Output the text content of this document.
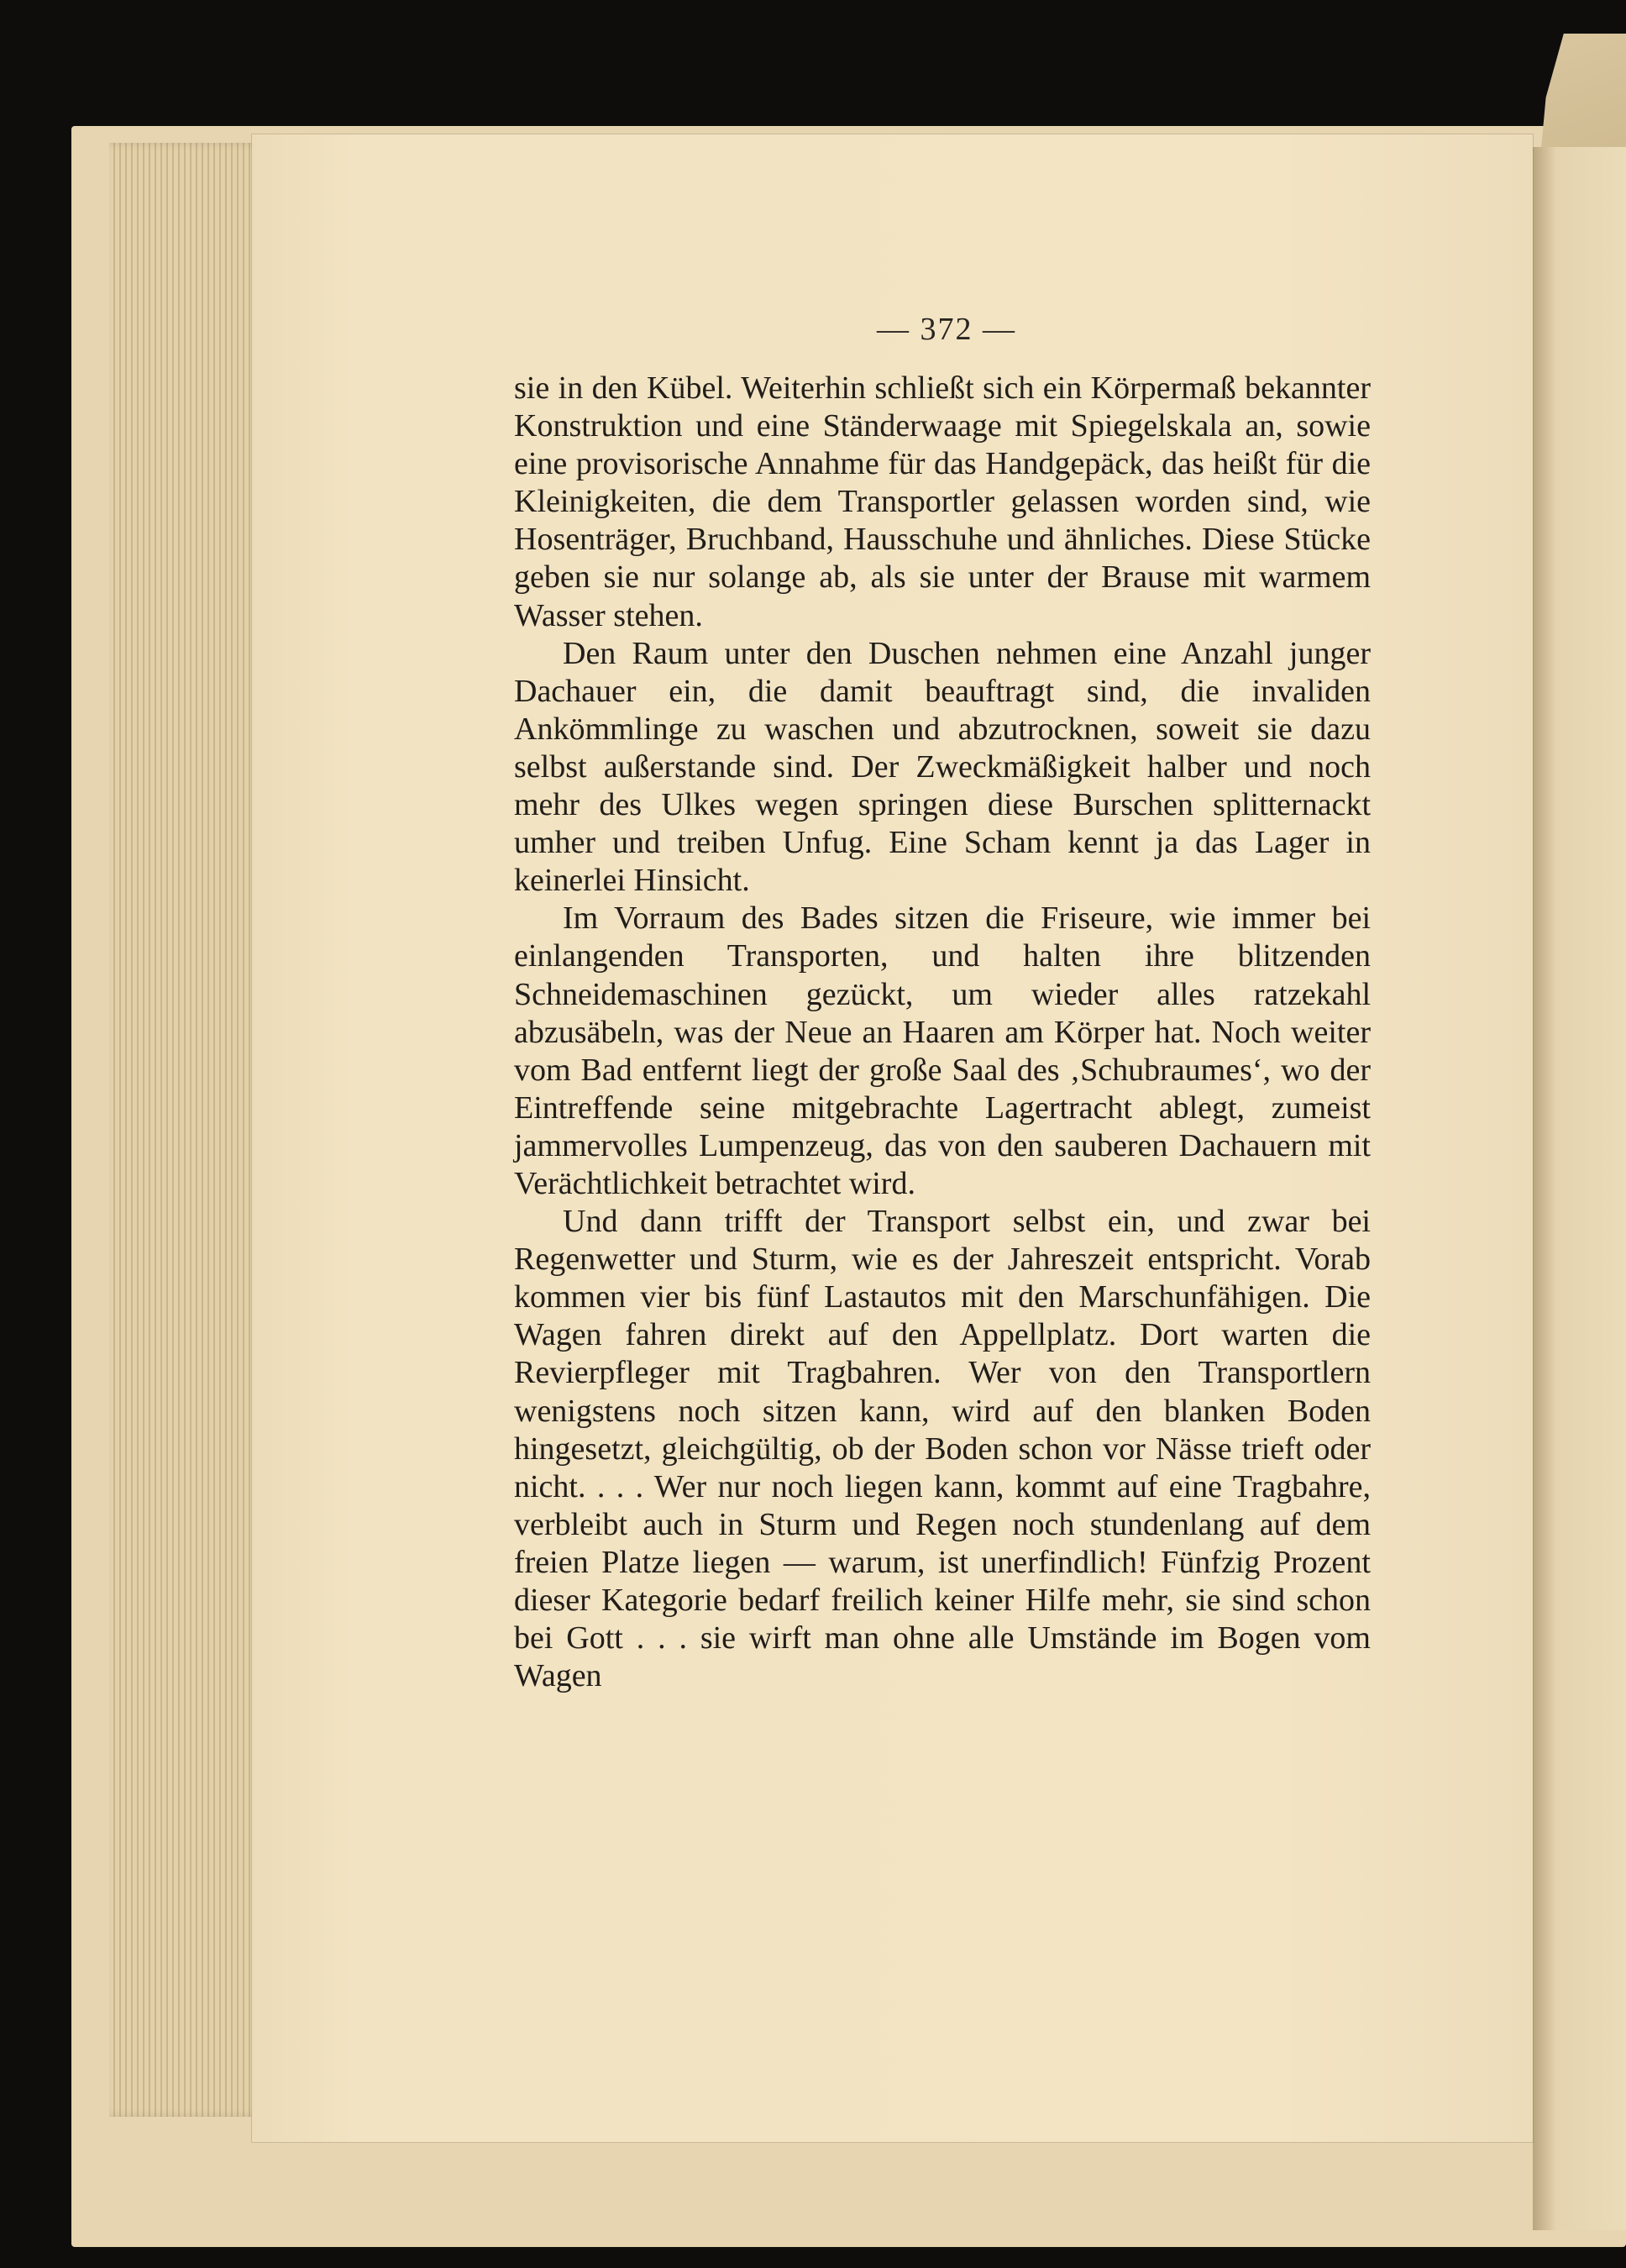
— 372 —

sie in den Kübel. Weiterhin schließt sich ein Körpermaß bekannter Konstruktion und eine Ständerwaage mit Spiegelskala an, sowie eine provisorische Annahme für das Handgepäck, das heißt für die Kleinigkeiten, die dem Transportler gelassen worden sind, wie Hosenträger, Bruchband, Hausschuhe und ähnliches. Diese Stücke geben sie nur solange ab, als sie unter der Brause mit warmem Wasser stehen.

Den Raum unter den Duschen nehmen eine Anzahl junger Dachauer ein, die damit beauftragt sind, die invaliden Ankömmlinge zu waschen und abzutrocknen, soweit sie dazu selbst außerstande sind. Der Zweckmäßigkeit halber und noch mehr des Ulkes wegen springen diese Burschen splitternackt umher und treiben Unfug. Eine Scham kennt ja das Lager in keinerlei Hinsicht.

Im Vorraum des Bades sitzen die Friseure, wie immer bei einlangenden Transporten, und halten ihre blitzenden Schneidemaschinen gezückt, um wieder alles ratzekahl abzusäbeln, was der Neue an Haaren am Körper hat. Noch weiter vom Bad entfernt liegt der große Saal des ‚Schubraumes‘, wo der Eintreffende seine mitgebrachte Lagertracht ablegt, zumeist jammervolles Lumpenzeug, das von den sauberen Dachauern mit Verächtlichkeit betrachtet wird.

Und dann trifft der Transport selbst ein, und zwar bei Regenwetter und Sturm, wie es der Jahreszeit entspricht. Vorab kommen vier bis fünf Lastautos mit den Marschunfähigen. Die Wagen fahren direkt auf den Appellplatz. Dort warten die Revierpfleger mit Tragbahren. Wer von den Transportlern wenigstens noch sitzen kann, wird auf den blanken Boden hingesetzt, gleichgültig, ob der Boden schon vor Nässe trieft oder nicht. . . . Wer nur noch liegen kann, kommt auf eine Tragbahre, verbleibt auch in Sturm und Regen noch stundenlang auf dem freien Platze liegen — warum, ist unerfindlich! Fünfzig Prozent dieser Kategorie bedarf freilich keiner Hilfe mehr, sie sind schon bei Gott . . . sie wirft man ohne alle Umstände im Bogen vom Wagen
